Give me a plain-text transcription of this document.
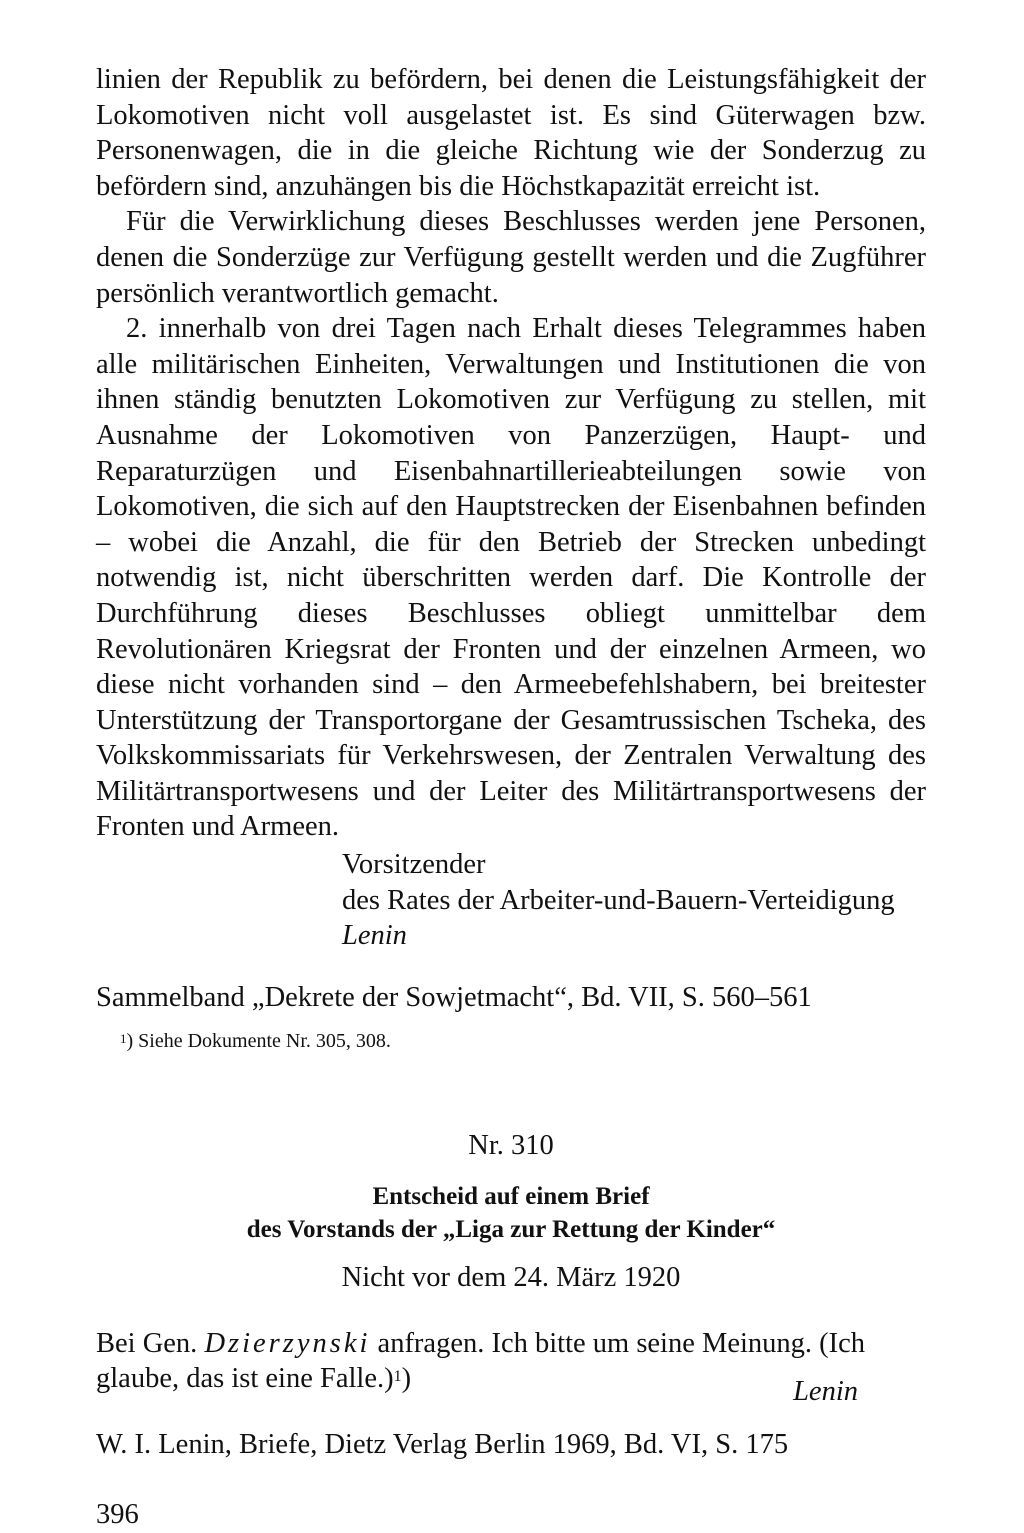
linien der Republik zu befördern, bei denen die Leistungsfähigkeit der Lokomotiven nicht voll ausgelastet ist. Es sind Güterwagen bzw. Personenwagen, die in die gleiche Richtung wie der Sonderzug zu befördern sind, anzuhängen bis die Höchstkapazität erreicht ist.

Für die Verwirklichung dieses Beschlusses werden jene Personen, denen die Sonderzüge zur Verfügung gestellt werden und die Zugführer persönlich verantwortlich gemacht.

2. innerhalb von drei Tagen nach Erhalt dieses Telegrammes haben alle militärischen Einheiten, Verwaltungen und Institutionen die von ihnen ständig benutzten Lokomotiven zur Verfügung zu stellen, mit Ausnahme der Lokomotiven von Panzerzügen, Haupt- und Reparaturzügen und Eisenbahnartillerieabteilungen sowie von Lokomotiven, die sich auf den Hauptstrecken der Eisenbahnen befinden – wobei die Anzahl, die für den Betrieb der Strecken unbedingt notwendig ist, nicht überschritten werden darf. Die Kontrolle der Durchführung dieses Beschlusses obliegt unmittelbar dem Revolutionären Kriegsrat der Fronten und der einzelnen Armeen, wo diese nicht vorhanden sind – den Armeebefehlshabern, bei breitester Unterstützung der Transportorgane der Gesamtrussischen Tscheka, des Volkskommissariats für Verkehrswesen, der Zentralen Verwaltung des Militärtransportwesens und der Leiter des Militärtransportwesens der Fronten und Armeen.

Vorsitzender
des Rates der Arbeiter-und-Bauern-Verteidigung
Lenin
Sammelband „Dekrete der Sowjetmacht“, Bd. VII, S. 560–561
$^1$) Siehe Dokumente Nr. 305, 308.
Nr. 310
Entscheid auf einem Brief
des Vorstands der „Liga zur Rettung der Kinder“
Nicht vor dem 24. März 1920
Bei Gen. Dzierzynski anfragen. Ich bitte um seine Meinung. (Ich
glaube, das ist eine Falle.)$^1$)	Lenin
W. I. Lenin, Briefe, Dietz Verlag Berlin 1969, Bd. VI, S. 175
396
